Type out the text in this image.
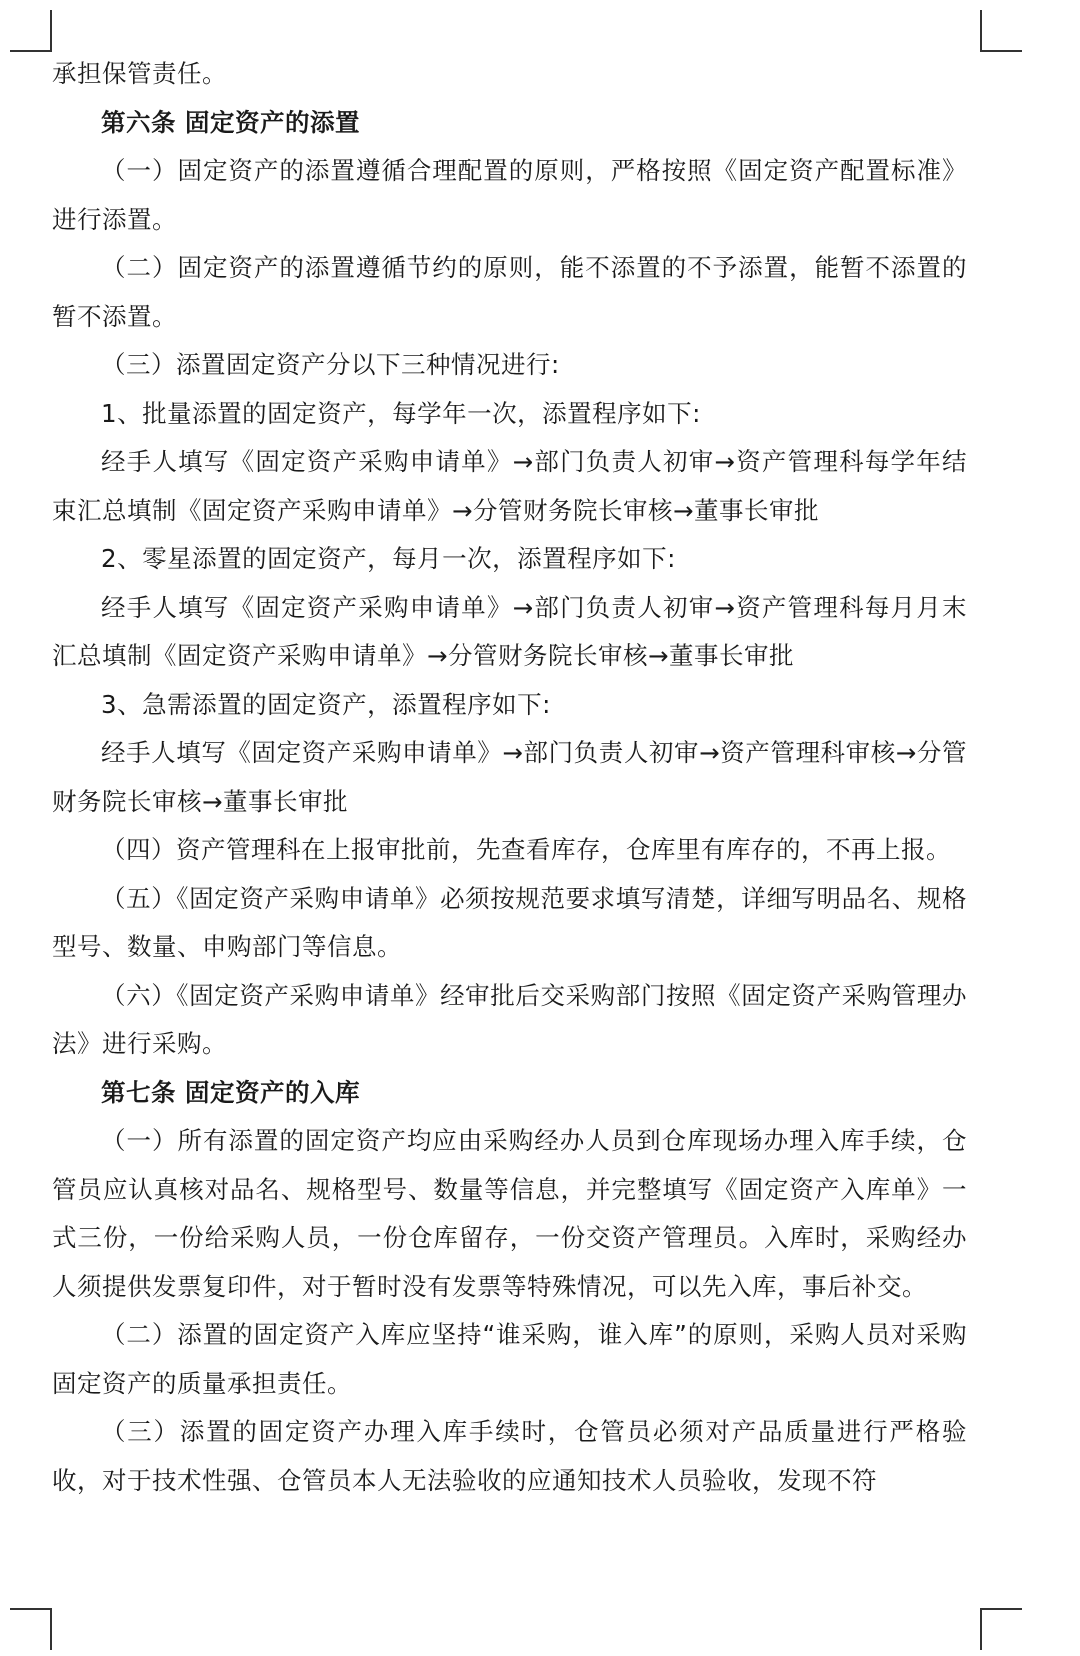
承担保管责任。

第六条 固定资产的添置

（一）固定资产的添置遵循合理配置的原则，严格按照《固定资产配置标准》进行添置。

（二）固定资产的添置遵循节约的原则，能不添置的不予添置，能暂不添置的暂不添置。

（三）添置固定资产分以下三种情况进行:

1、批量添置的固定资产，每学年一次，添置程序如下:

经手人填写《固定资产采购申请单》→部门负责人初审→资产管理科每学年结束汇总填制《固定资产采购申请单》→分管财务院长审核→董事长审批

2、零星添置的固定资产，每月一次，添置程序如下:

经手人填写《固定资产采购申请单》→部门负责人初审→资产管理科每月月末汇总填制《固定资产采购申请单》→分管财务院长审核→董事长审批

3、急需添置的固定资产，添置程序如下:

经手人填写《固定资产采购申请单》→部门负责人初审→资产管理科审核→分管财务院长审核→董事长审批

（四）资产管理科在上报审批前，先查看库存，仓库里有库存的，不再上报。

（五）《固定资产采购申请单》必须按规范要求填写清楚，详细写明品名、规格型号、数量、申购部门等信息。

（六）《固定资产采购申请单》经审批后交采购部门按照《固定资产采购管理办法》进行采购。

第七条 固定资产的入库

（一）所有添置的固定资产均应由采购经办人员到仓库现场办理入库手续，仓管员应认真核对品名、规格型号、数量等信息，并完整填写《固定资产入库单》一式三份，一份给采购人员，一份仓库留存，一份交资产管理员。入库时，采购经办人须提供发票复印件，对于暂时没有发票等特殊情况，可以先入库，事后补交。

（二）添置的固定资产入库应坚持“谁采购，谁入库”的原则，采购人员对采购固定资产的质量承担责任。

（三）添置的固定资产办理入库手续时，仓管员必须对产品质量进行严格验收，对于技术性强、仓管员本人无法验收的应通知技术人员验收，发现不符
